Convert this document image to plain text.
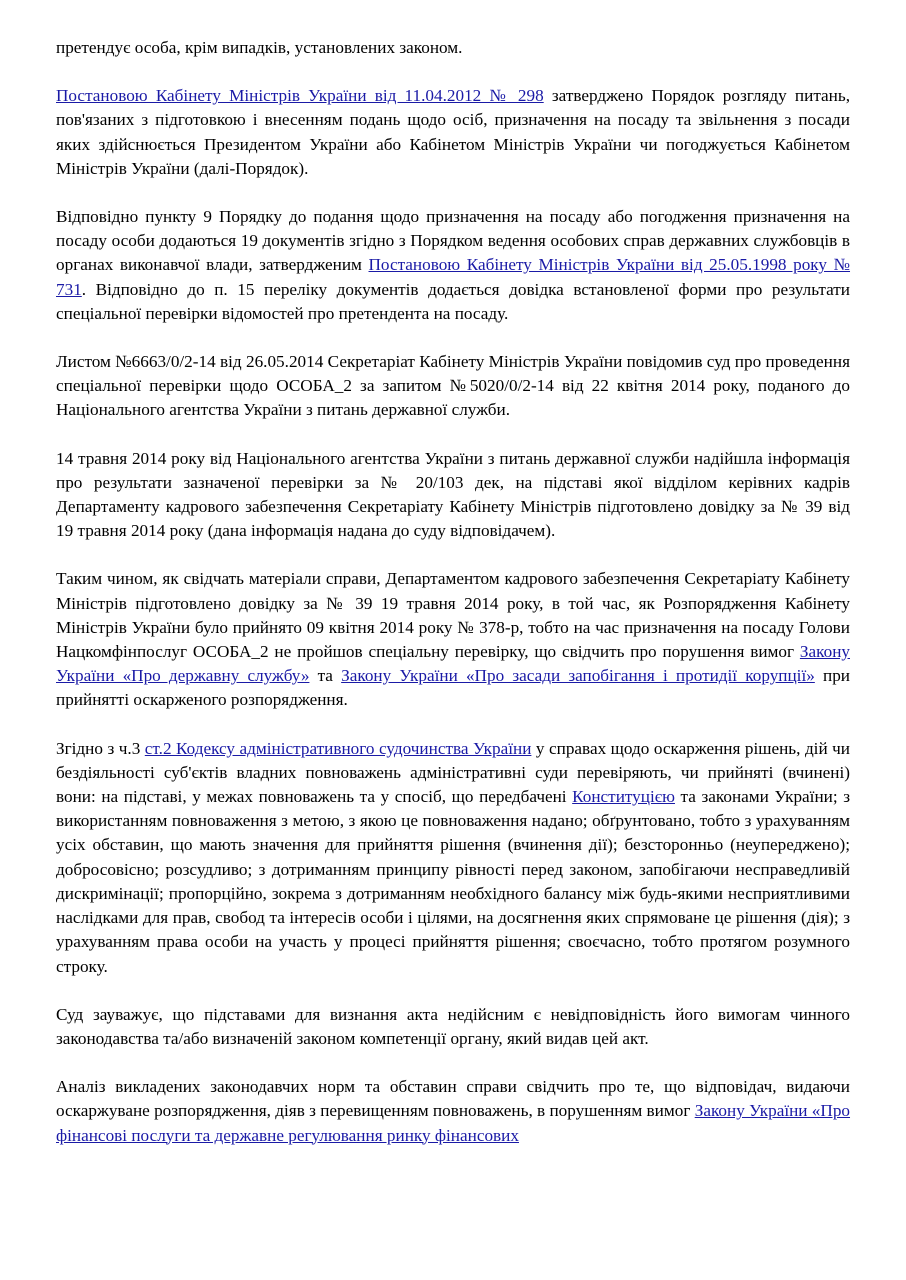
претендує особа, крім випадків, установлених законом.

Постановою Кабінету Міністрів України від 11.04.2012 № 298 затверджено Порядок розгляду питань, пов'язаних з підготовкою і внесенням подань щодо осіб, призначення на посаду та звільнення з посади яких здійснюється Президентом України або Кабінетом Міністрів України чи погоджується Кабінетом Міністрів України (далі-Порядок).

Відповідно пункту 9 Порядку до подання щодо призначення на посаду або погодження призначення на посаду особи додаються 19 документів згідно з Порядком ведення особових справ державних службовців в органах виконавчої влади, затвердженим Постановою Кабінету Міністрів України від 25.05.1998 року № 731. Відповідно до п. 15 переліку документів додається довідка встановленої форми про результати спеціальної перевірки відомостей про претендента на посаду.

Листом №6663/0/2-14 від 26.05.2014 Секретаріат Кабінету Міністрів України повідомив суд про проведення спеціальної перевірки щодо ОСОБА_2 за запитом №5020/0/2-14 від 22 квітня 2014 року, поданого до Національного агентства України з питань державної служби.

14 травня 2014 року від Національного агентства України з питань державної служби надійшла інформація про результати зазначеної перевірки за № 20/103 дек, на підставі якої відділом керівних кадрів Департаменту кадрового забезпечення Секретаріату Кабінету Міністрів підготовлено довідку за № 39 від 19 травня 2014 року (дана інформація надана до суду відповідачем).

Таким чином, як свідчать матеріали справи, Департаментом кадрового забезпечення Секретаріату Кабінету Міністрів підготовлено довідку за № 39 19 травня 2014 року, в той час, як Розпорядження Кабінету Міністрів України було прийнято 09 квітня 2014 року № 378-р, тобто на час призначення на посаду Голови Нацкомфінпослуг ОСОБА_2 не пройшов спеціальну перевірку, що свідчить про порушення вимог Закону України «Про державну службу» та Закону України «Про засади запобігання і протидії корупції» при прийнятті оскарженого розпорядження.

Згідно з ч.3 ст.2 Кодексу адміністративного судочинства України у справах щодо оскарження рішень, дій чи бездіяльності суб'єктів владних повноважень адміністративні суди перевіряють, чи прийняті (вчинені) вони: на підставі, у межах повноважень та у спосіб, що передбачені Конституцією та законами України; з використанням повноваження з метою, з якою це повноваження надано; обґрунтовано, тобто з урахуванням усіх обставин, що мають значення для прийняття рішення (вчинення дії); безсторонньо (неупереджено); добросовісно; розсудливо; з дотриманням принципу рівності перед законом, запобігаючи несправедливій дискримінації; пропорційно, зокрема з дотриманням необхідного балансу між будь-якими несприятливими наслідками для прав, свобод та інтересів особи і цілями, на досягнення яких спрямоване це рішення (дія); з урахуванням права особи на участь у процесі прийняття рішення; своєчасно, тобто протягом розумного строку.

Суд зауважує, що підставами для визнання акта недійсним є невідповідність його вимогам чинного законодавства та/або визначеній законом компетенції органу, який видав цей акт.

Аналіз викладених законодавчих норм та обставин справи свідчить про те, що відповідач, видаючи оскаржуване розпорядження, діяв з перевищенням повноважень, в порушенням вимог Закону України «Про фінансові послуги та державне регулювання ринку фінансових
